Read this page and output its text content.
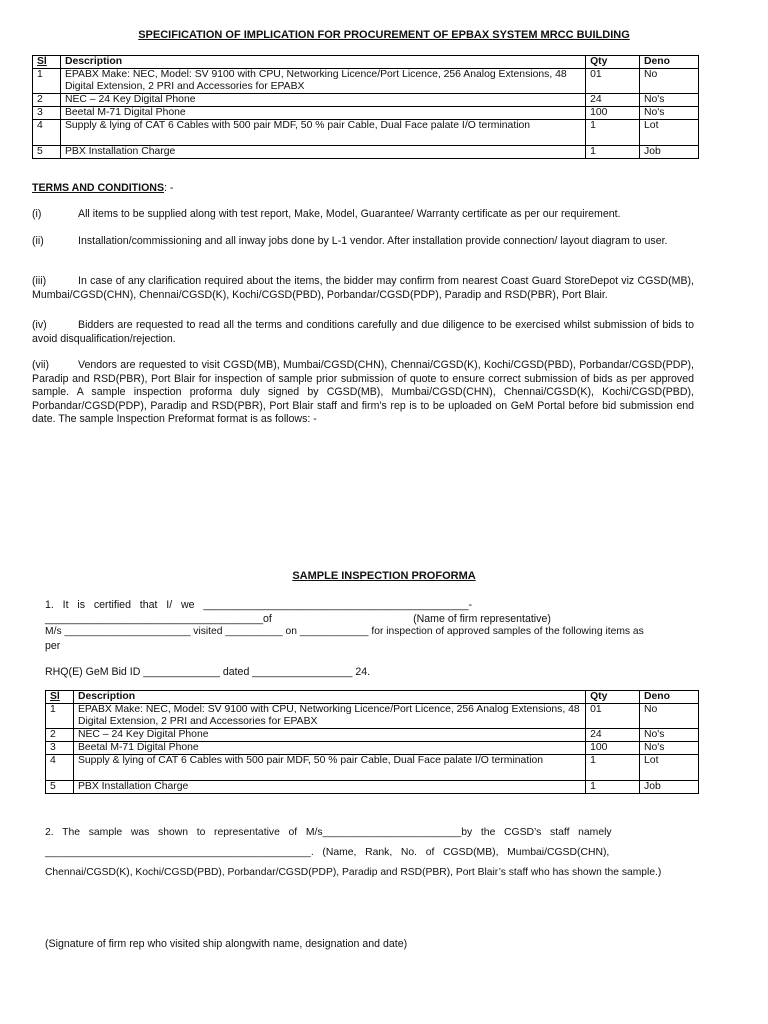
SPECIFICATION OF IMPLICATION FOR PROCUREMENT OF EPBAX SYSTEM MRCC BUILDING
Sl	Description	Qty	Deno
1	EPABX Make: NEC, Model: SV 9100 with CPU, Networking Licence/Port Licence, 256 Analog Extensions, 48 Digital Extension, 2 PRI and Accessories for EPABX	01	No
2	NEC – 24 Key Digital Phone	24	No's
3	Beetal M-71 Digital Phone	100	No's
4	Supply & lying of CAT 6 Cables with 500 pair MDF, 50 % pair Cable, Dual Face palate I/O termination	1	Lot
5	PBX Installation Charge	1	Job
TERMS AND CONDITIONS: -
(i)	All items to be supplied along with test report, Make, Model, Guarantee/ Warranty certificate as per our requirement.
(ii)	Installation/commissioning and all inway jobs done by L-1 vendor. After installation provide connection/ layout diagram to user.
(iii)	In case of any clarification required about the items, the bidder may confirm from nearest Coast Guard StoreDepot viz CGSD(MB), Mumbai/CGSD(CHN), Chennai/CGSD(K), Kochi/CGSD(PBD), Porbandar/CGSD(PDP), Paradip and RSD(PBR), Port Blair.
(iv)	Bidders are requested to read all the terms and conditions carefully and due diligence to be exercised whilst submission of bids to avoid disqualification/rejection.
(vii)	Vendors are requested to visit CGSD(MB), Mumbai/CGSD(CHN), Chennai/CGSD(K), Kochi/CGSD(PBD), Porbandar/CGSD(PDP), Paradip and RSD(PBR), Port Blair for inspection of sample prior submission of quote to ensure correct submission of bids as per approved sample. A sample inspection proforma duly signed by CGSD(MB), Mumbai/CGSD(CHN), Chennai/CGSD(K), Kochi/CGSD(PBD), Porbandar/CGSD(PDP), Paradip and RSD(PBR), Port Blair staff and firm’s rep is to be uploaded on GeM Portal before bid submission end date. The sample Inspection Preformat format is as follows: -
SAMPLE INSPECTION PROFORMA
1.   It   is   certified   that   I/   we   _____________________________________________-
_____________________________________of                                                (Name of firm representative)
M/s ______________________ visited __________ on ____________ for inspection of approved samples of the following items as
per
RHQ(E) GeM Bid ID _____________ dated _________________ 24.
Sl	Description	Qty	Deno
1	EPABX Make: NEC, Model: SV 9100 with CPU, Networking Licence/Port Licence, 256 Analog Extensions, 48 Digital Extension, 2 PRI and Accessories for EPABX	01	No
2	NEC – 24 Key Digital Phone	24	No's
3	Beetal M-71 Digital Phone	100	No's
4	Supply & lying of CAT 6 Cables with 500 pair MDF, 50 % pair Cable, Dual Face palate I/O termination	1	Lot
5	PBX Installation Charge	1	Job
2.   The   sample   was   shown   to   representative   of   M/s________________________by   the   CGSD’s   staff   namely
______________________________________________.   (Name,   Rank,   No.   of   CGSD(MB),   Mumbai/CGSD(CHN),
Chennai/CGSD(K), Kochi/CGSD(PBD), Porbandar/CGSD(PDP), Paradip and RSD(PBR), Port Blair’s staff who has shown the sample.)
(Signature of firm rep who visited ship alongwith name, designation and date)
